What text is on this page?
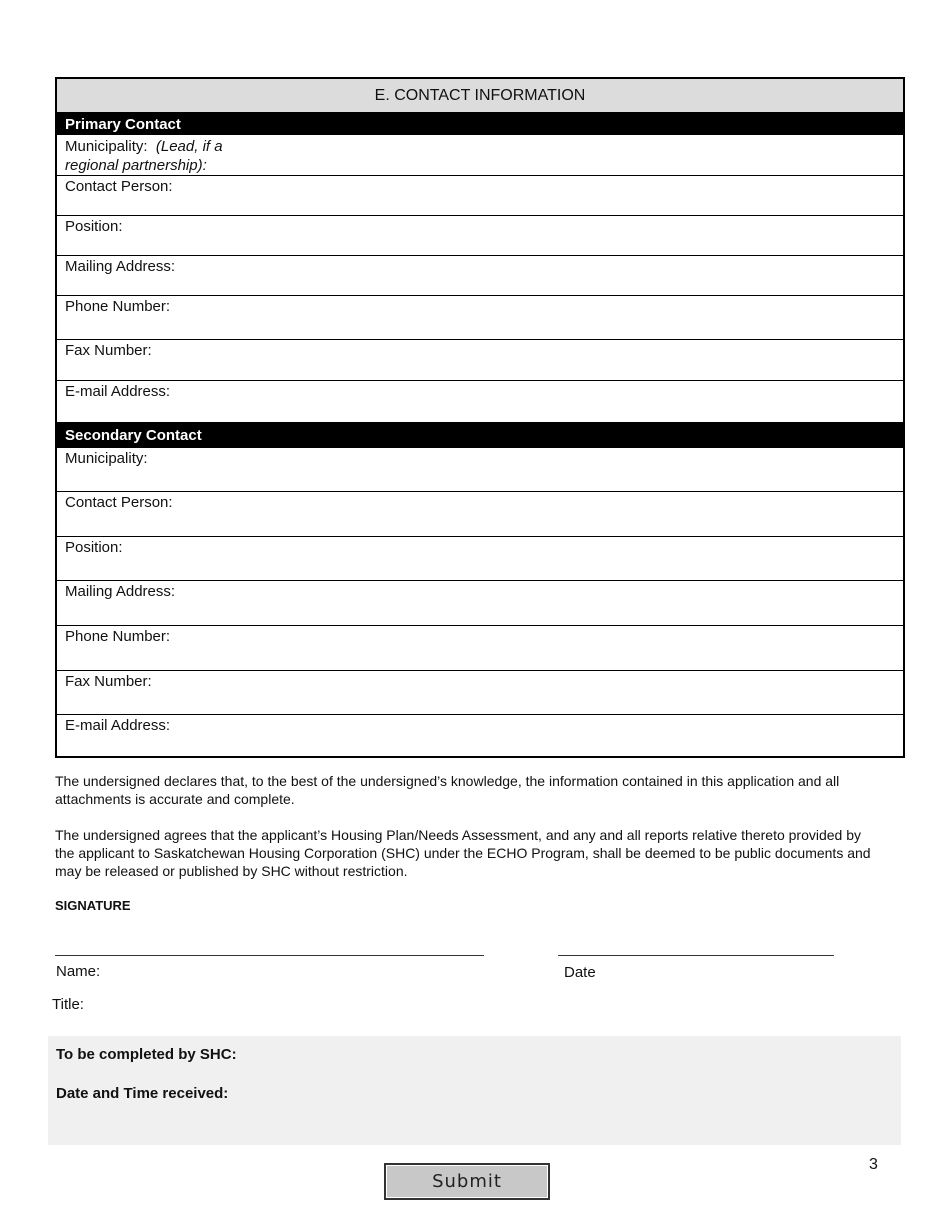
E. CONTACT INFORMATION
Primary Contact
Municipality: (Lead, if a regional partnership):
Contact Person:
Position:
Mailing Address:
Phone Number:
Fax Number:
E-mail Address:
Secondary Contact
Municipality:
Contact Person:
Position:
Mailing Address:
Phone Number:
Fax Number:
E-mail Address:

The undersigned declares that, to the best of the undersigned’s knowledge, the information contained in this application and all attachments is accurate and complete.

The undersigned agrees that the applicant’s Housing Plan/Needs Assessment, and any and all reports relative thereto provided by the applicant to Saskatchewan Housing Corporation (SHC) under the ECHO Program, shall be deemed to be public documents and may be released or published by SHC without restriction.

SIGNATURE
Name:	Date
Title:
To be completed by SHC:
Date and Time received:
3
Submit
